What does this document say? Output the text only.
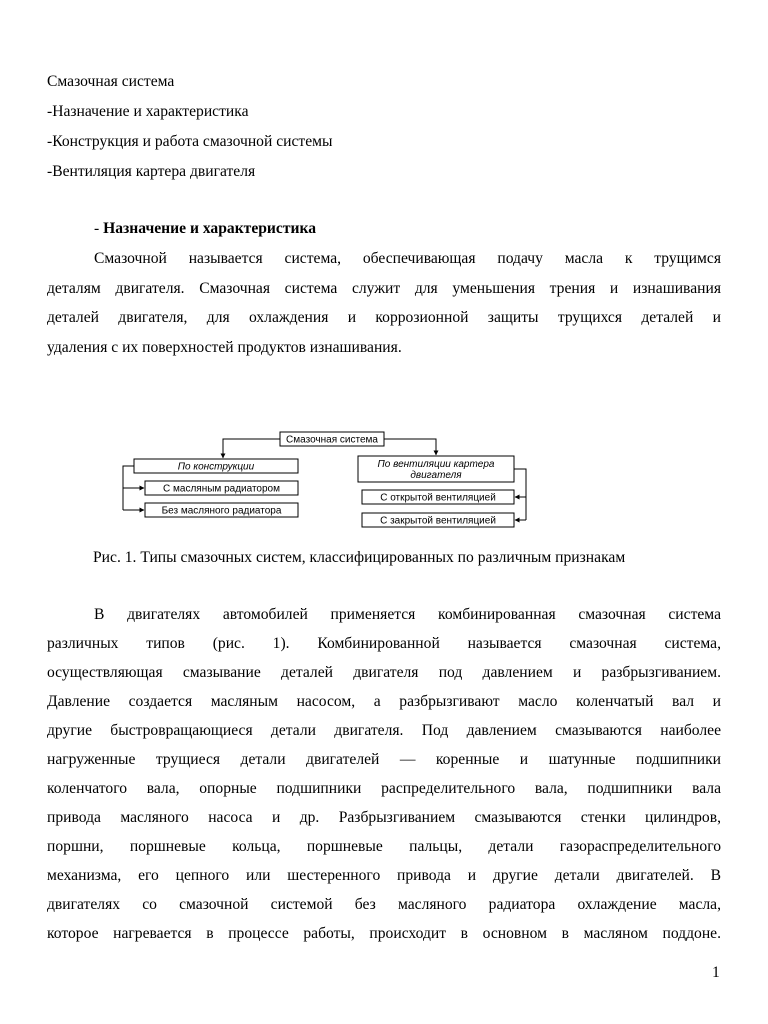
Смазочная система
-Назначение и характеристика
-Конструкция и работа смазочной системы
-Вентиляция картера двигателя
- Назначение и характеристика
Смазочной называется система, обеспечивающая подачу масла к трущимся
деталям двигателя. Смазочная система служит для уменьшения трения и изнашивания
деталей двигателя, для охлаждения и коррозионной защиты трущихся деталей и
удаления с их поверхностей продуктов изнашивания.
Смазочная система
По конструкции
С масляным радиатором
Без масляного радиатора
По вентиляции картера
двигателя
С открытой вентиляцией
С закрытой вентиляцией
Рис. 1. Типы смазочных систем, классифицированных по различным признакам
В двигателях автомобилей применяется комбинированная смазочная система
различных типов (рис. 1). Комбинированной называется смазочная система,
осуществляющая смазывание деталей двигателя под давлением и разбрызгиванием.
Давление создается масляным насосом, а разбрызгивают масло коленчатый вал и
другие быстровращающиеся детали двигателя. Под давлением смазываются наиболее
нагруженные трущиеся детали двигателей — коренные и шатунные подшипники
коленчатого вала, опорные подшипники распределительного вала, подшипники вала
привода масляного насоса и др. Разбрызгиванием смазываются стенки цилиндров,
поршни, поршневые кольца, поршневые пальцы, детали газораспределительного
механизма, его цепного или шестеренного привода и другие детали двигателей. В
двигателях со смазочной системой без масляного радиатора охлаждение масла,
которое нагревается в процессе работы, происходит в основном в масляном поддоне.
1
